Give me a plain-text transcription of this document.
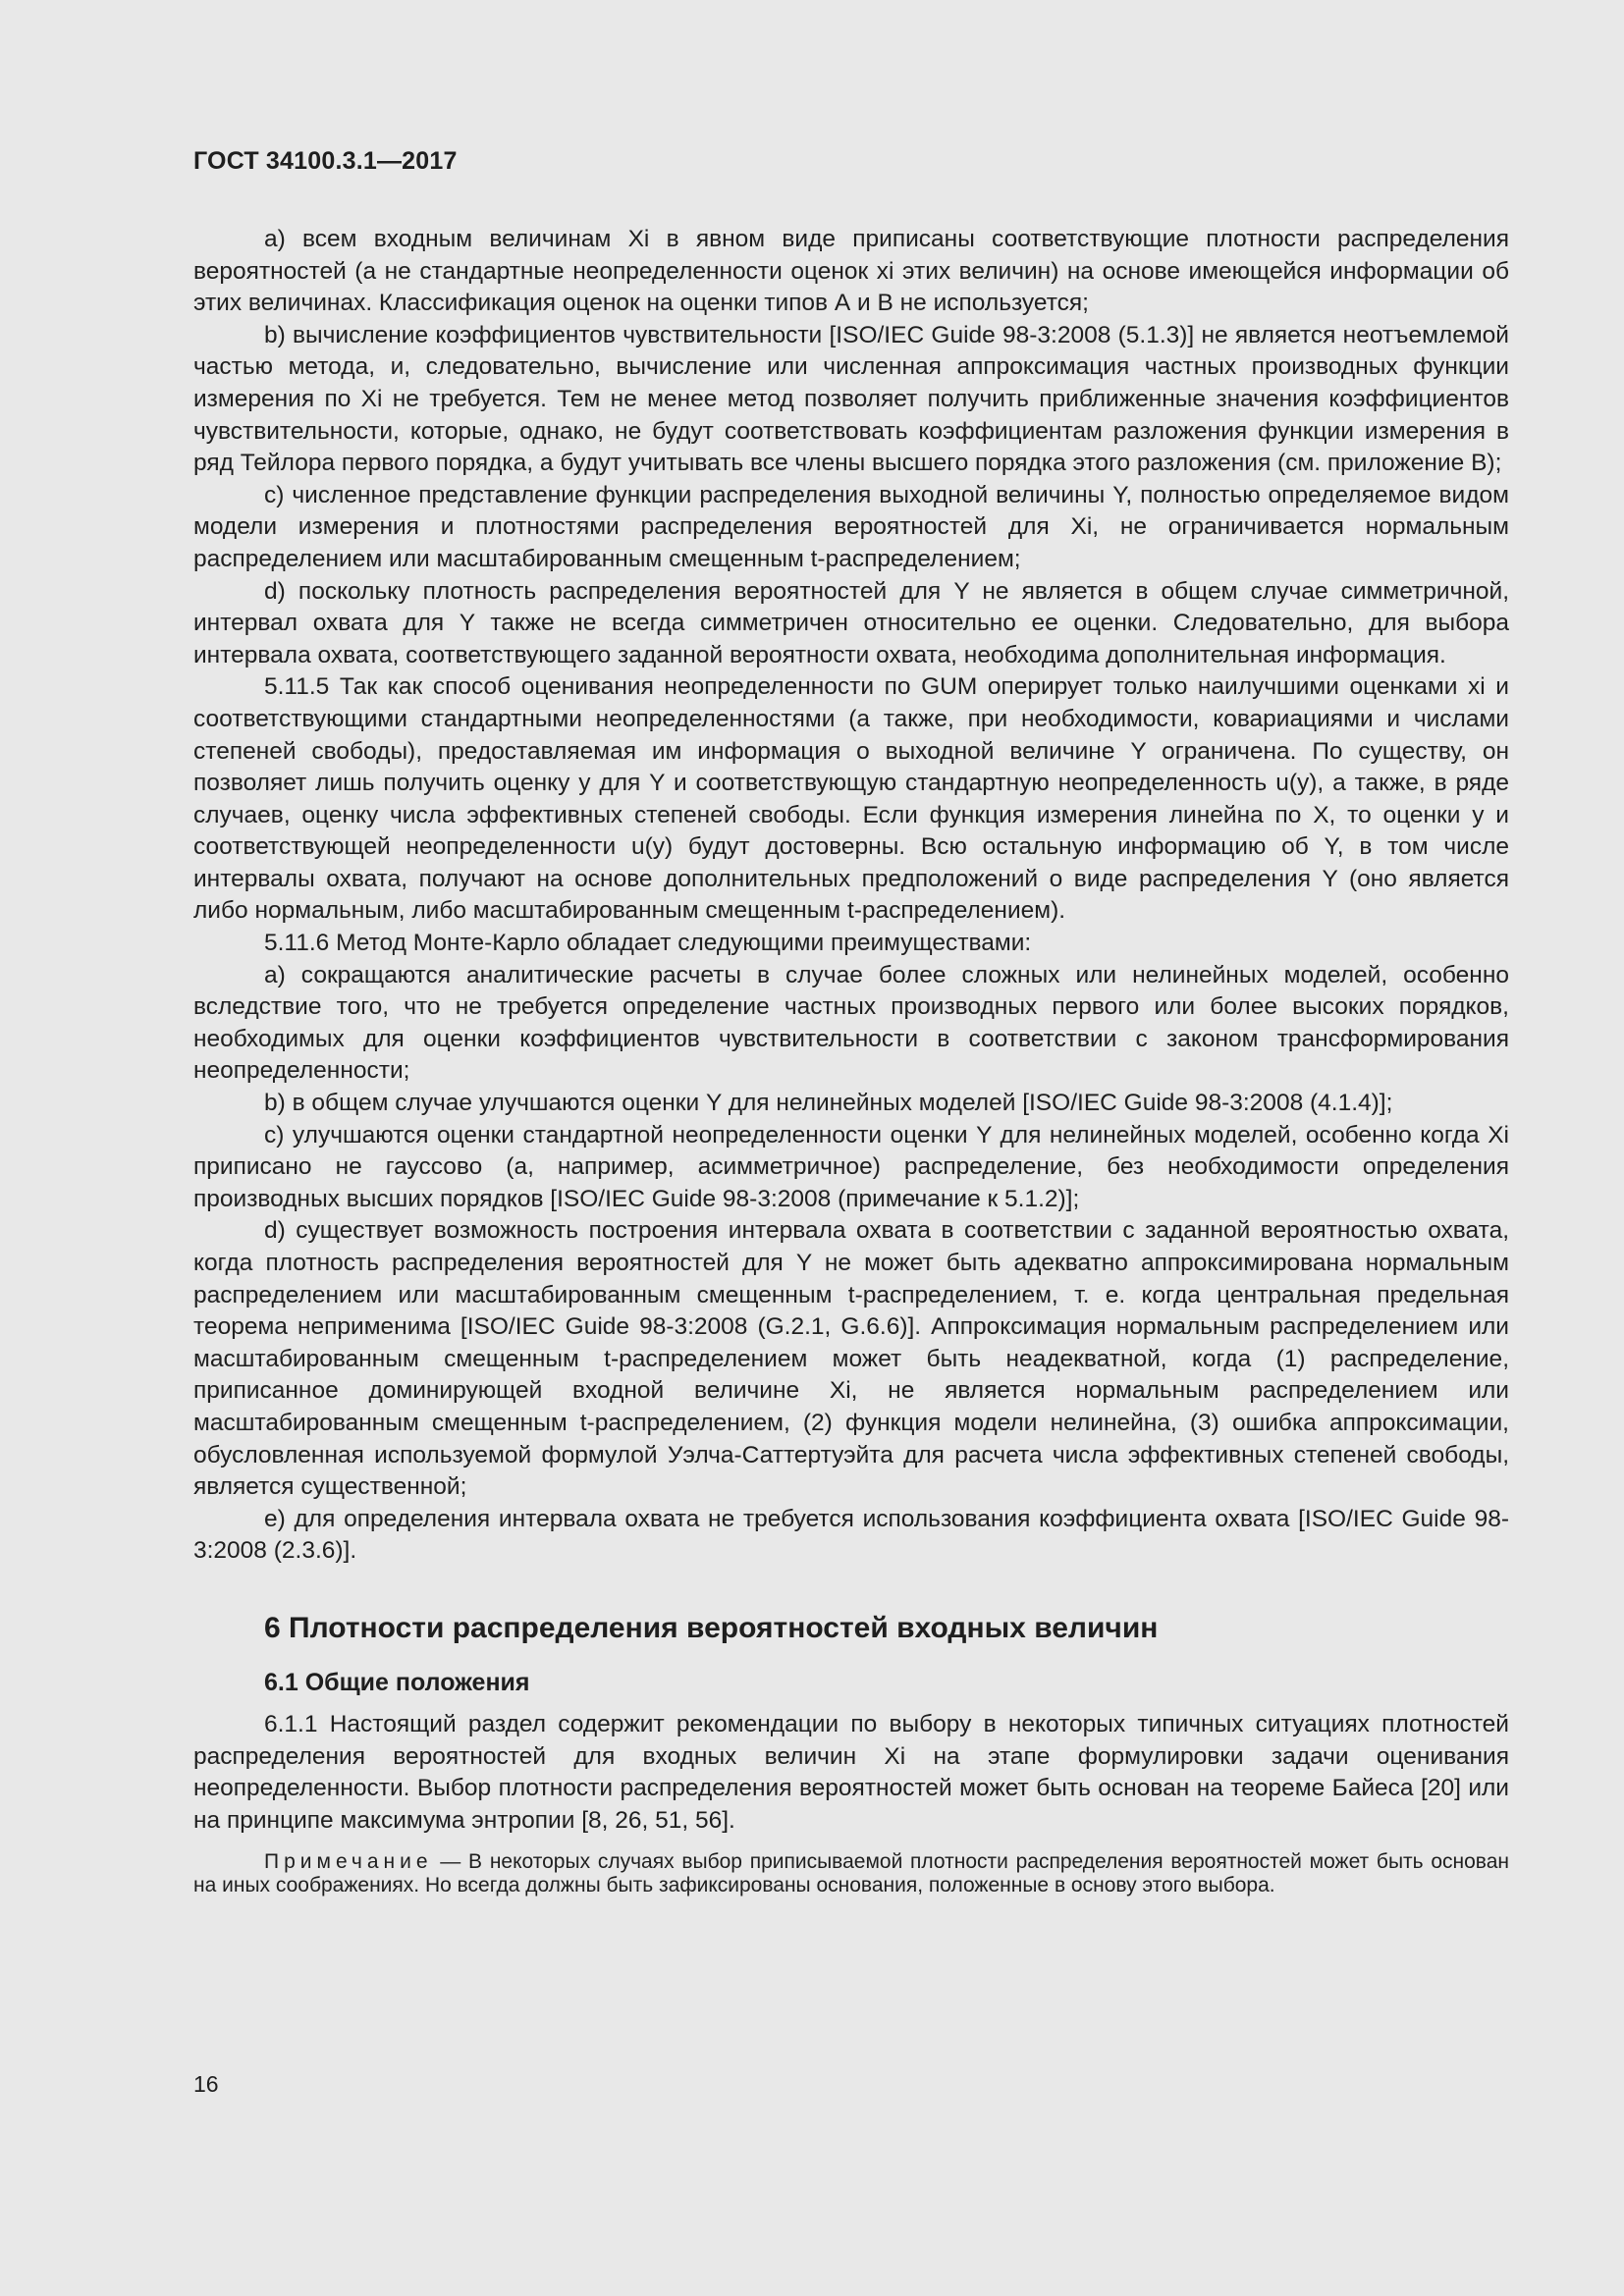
ГОСТ 34100.3.1—2017

a) всем входным величинам Xi в явном виде приписаны соответствующие плотности распределения вероятностей (а не стандартные неопределенности оценок xi этих величин) на основе имеющейся информации об этих величинах. Классификация оценок на оценки типов А и В не используется;

b) вычисление коэффициентов чувствительности [ISO/IEC Guide 98-3:2008 (5.1.3)] не является неотъемлемой частью метода, и, следовательно, вычисление или численная аппроксимация частных производных функции измерения по Xi не требуется. Тем не менее метод позволяет получить приближенные значения коэффициентов чувствительности, которые, однако, не будут соответствовать коэффициентам разложения функции измерения в ряд Тейлора первого порядка, а будут учитывать все члены высшего порядка этого разложения (см. приложение В);

c) численное представление функции распределения выходной величины Y, полностью определяемое видом модели измерения и плотностями распределения вероятностей для Xi, не ограничивается нормальным распределением или масштабированным смещенным t-распределением;

d) поскольку плотность распределения вероятностей для Y не является в общем случае симметричной, интервал охвата для Y также не всегда симметричен относительно ее оценки. Следовательно, для выбора интервала охвата, соответствующего заданной вероятности охвата, необходима дополнительная информация.

5.11.5 Так как способ оценивания неопределенности по GUM оперирует только наилучшими оценками xi и соответствующими стандартными неопределенностями (а также, при необходимости, ковариациями и числами степеней свободы), предоставляемая им информация о выходной величине Y ограничена. По существу, он позволяет лишь получить оценку y для Y и соответствующую стандартную неопределенность u(y), а также, в ряде случаев, оценку числа эффективных степеней свободы. Если функция измерения линейна по X, то оценки y и соответствующей неопределенности u(y) будут достоверны. Всю остальную информацию об Y, в том числе интервалы охвата, получают на основе дополнительных предположений о виде распределения Y (оно является либо нормальным, либо масштабированным смещенным t-распределением).

5.11.6 Метод Монте-Карло обладает следующими преимуществами:

a) сокращаются аналитические расчеты в случае более сложных или нелинейных моделей, особенно вследствие того, что не требуется определение частных производных первого или более высоких порядков, необходимых для оценки коэффициентов чувствительности в соответствии с законом трансформирования неопределенности;

b) в общем случае улучшаются оценки Y для нелинейных моделей [ISO/IEC Guide 98-3:2008 (4.1.4)];

c) улучшаются оценки стандартной неопределенности оценки Y для нелинейных моделей, особенно когда Xi приписано не гауссово (а, например, асимметричное) распределение, без необходимости определения производных высших порядков [ISO/IEC Guide 98-3:2008 (примечание к 5.1.2)];

d) существует возможность построения интервала охвата в соответствии с заданной вероятностью охвата, когда плотность распределения вероятностей для Y не может быть адекватно аппроксимирована нормальным распределением или масштабированным смещенным t-распределением, т. е. когда центральная предельная теорема неприменима [ISO/IEC Guide 98-3:2008 (G.2.1, G.6.6)]. Аппроксимация нормальным распределением или масштабированным смещенным t-распределением может быть неадекватной, когда (1) распределение, приписанное доминирующей входной величине Xi, не является нормальным распределением или масштабированным смещенным t-распределением, (2) функция модели нелинейна, (3) ошибка аппроксимации, обусловленная используемой формулой Уэлча-Саттертуэйта для расчета числа эффективных степеней свободы, является существенной;

e) для определения интервала охвата не требуется использования коэффициента охвата [ISO/IEC Guide 98-3:2008 (2.3.6)].

6 Плотности распределения вероятностей входных величин
6.1 Общие положения

6.1.1 Настоящий раздел содержит рекомендации по выбору в некоторых типичных ситуациях плотностей распределения вероятностей для входных величин Xi на этапе формулировки задачи оценивания неопределенности. Выбор плотности распределения вероятностей может быть основан на теореме Байеса [20] или на принципе максимума энтропии [8, 26, 51, 56].

Примечание — В некоторых случаях выбор приписываемой плотности распределения вероятностей может быть основан на иных соображениях. Но всегда должны быть зафиксированы основания, положенные в основу этого выбора.

16
